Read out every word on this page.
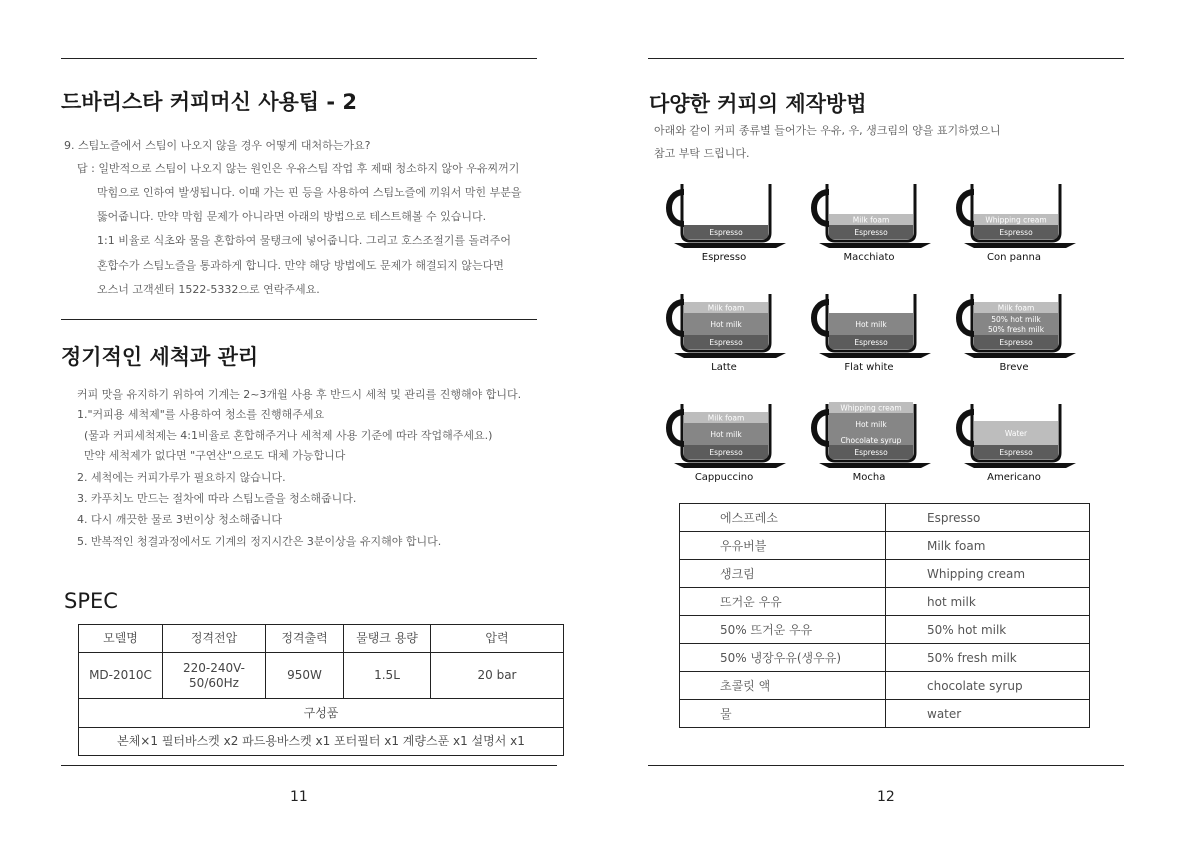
드바리스타 커피머신 사용팁 - 2

9. 스팀노즐에서 스팀이 나오지 않을 경우 어떻게 대처하는가요?

답 : 일반적으로 스팀이 나오지 않는 원인은 우유스팀 작업 후 제때 청소하지 않아 우유찌꺼기

막힘으로 인하여 발생됩니다. 이때 가는 핀 등을 사용하여 스팀노즐에 끼워서 막힌 부분을

뚫어줍니다. 만약 막힘 문제가 아니라면 아래의 방법으로 테스트해볼 수 있습니다.

1:1 비율로 식초와 물을 혼합하여 물탱크에 넣어줍니다. 그리고 호스조절기를 돌려주어

혼합수가 스팀노즐을 통과하게 합니다. 만약 해당 방법에도 문제가 해결되지 않는다면

오스너 고객센터 1522-5332으로 연락주세요.

정기적인 세척과 관리

커피 맛을 유지하기 위하여 기계는 2~3개월 사용 후 반드시 세척 및 관리를 진행해야 합니다.

1."커피용 세척제"를 사용하여 청소를 진행해주세요

(물과 커피세척제는 4:1비율로 혼합해주거나 세척제 사용 기준에 따라 작업해주세요.)

만약 세척제가 없다면 "구연산"으로도 대체 가능합니다

2. 세척에는 커피가루가 필요하지 않습니다.

3. 카푸치노 만드는 절차에 따라 스팀노즐을 청소해줍니다.

4. 다시 깨끗한 물로 3번이상 청소해줍니다

5. 반복적인 청결과정에서도 기계의 정지시간은 3분이상을 유지해야 합니다.

SPEC
모델명	정격전압	정격출력	물탱크 용량	압력
MD-2010C	220-240V-
50/60Hz	950W	1.5L	20 bar
구성품				
본체×1 필터바스켓 x2 파드용바스켓 x1 포터필터 x1 계량스푼 x1 설명서 x1				
11
다양한 커피의 제작방법

아래와 같이 커피 종류별 들어가는 우유, 우, 생크림의 양을 표기하였으니

참고 부탁 드립니다.

Espresso
Espresso
Espresso
Milk foam
Macchiato
Espresso
Whipping cream
Con panna
Espresso
Hot milk
Milk foam
Latte
Espresso
Hot milk
Flat white
Espresso
50% hot milk
50% fresh milk
Milk foam
Breve
Espresso
Hot milk
Milk foam
Cappuccino
Espresso
Chocolate syrup
Hot milk
Whipping cream
Mocha
Espresso
Water
Americano
에스프레소	Espresso
우유버블	Milk foam
생크림	Whipping cream
뜨거운 우유	hot milk
50% 뜨거운 우유	50% hot milk
50% 냉장우유(생우유)	50% fresh milk
초콜릿 액	chocolate syrup
물	water
12
